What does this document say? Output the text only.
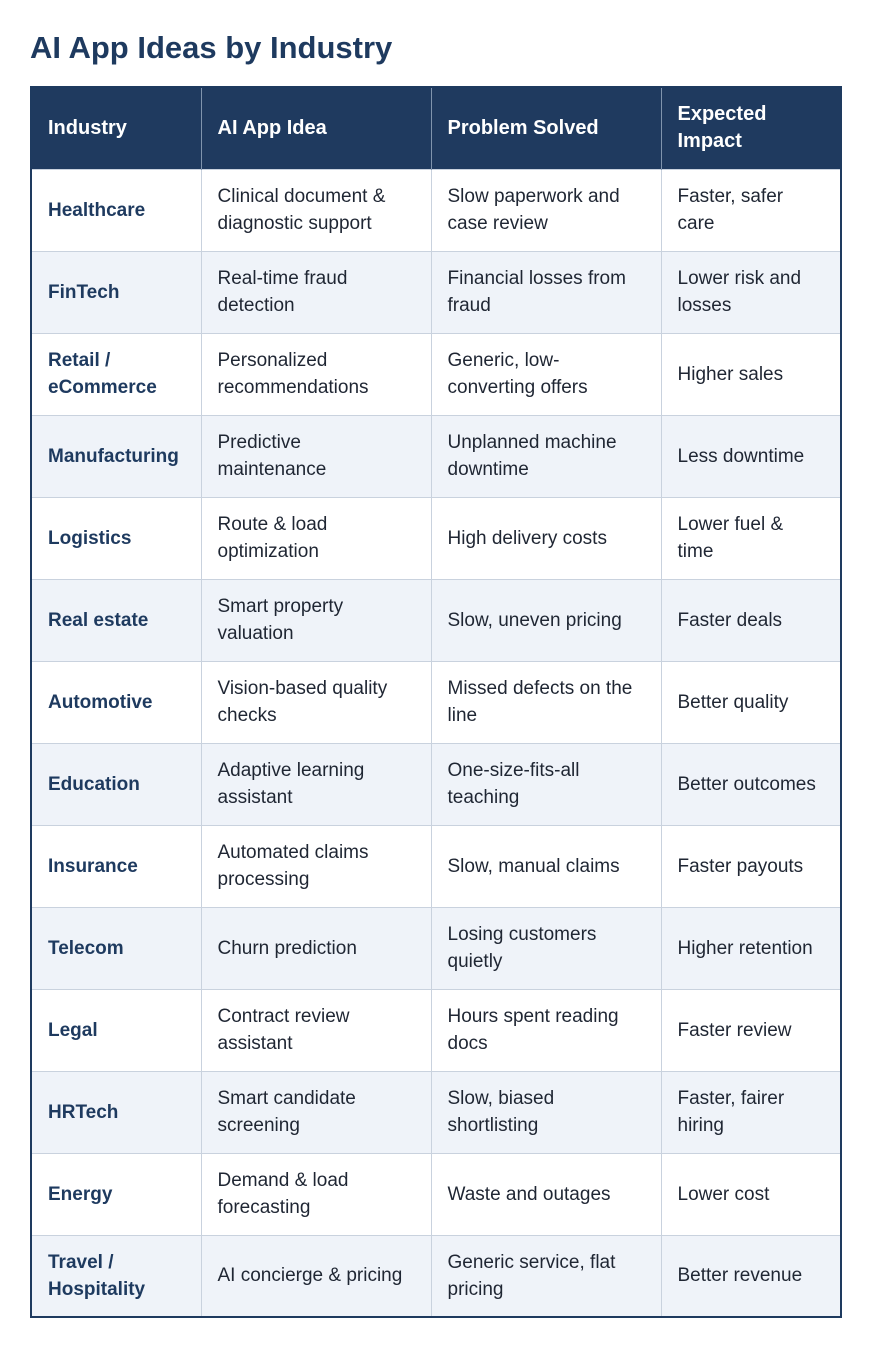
AI App Ideas by Industry
Industry	AI App Idea	Problem Solved	Expected Impact
Healthcare	Clinical document & diagnostic support	Slow paperwork and case review	Faster, safer care
FinTech	Real-time fraud detection	Financial losses from fraud	Lower risk and losses
Retail / eCommerce	Personalized recommendations	Generic, low-converting offers	Higher sales
Manufacturing	Predictive maintenance	Unplanned machine downtime	Less downtime
Logistics	Route & load optimization	High delivery costs	Lower fuel & time
Real estate	Smart property valuation	Slow, uneven pricing	Faster deals
Automotive	Vision-based quality checks	Missed defects on the line	Better quality
Education	Adaptive learning assistant	One-size-fits-all teaching	Better outcomes
Insurance	Automated claims processing	Slow, manual claims	Faster payouts
Telecom	Churn prediction	Losing customers quietly	Higher retention
Legal	Contract review assistant	Hours spent reading docs	Faster review
HRTech	Smart candidate screening	Slow, biased shortlisting	Faster, fairer hiring
Energy	Demand & load forecasting	Waste and outages	Lower cost
Travel / Hospitality	AI concierge & pricing	Generic service, flat pricing	Better revenue
